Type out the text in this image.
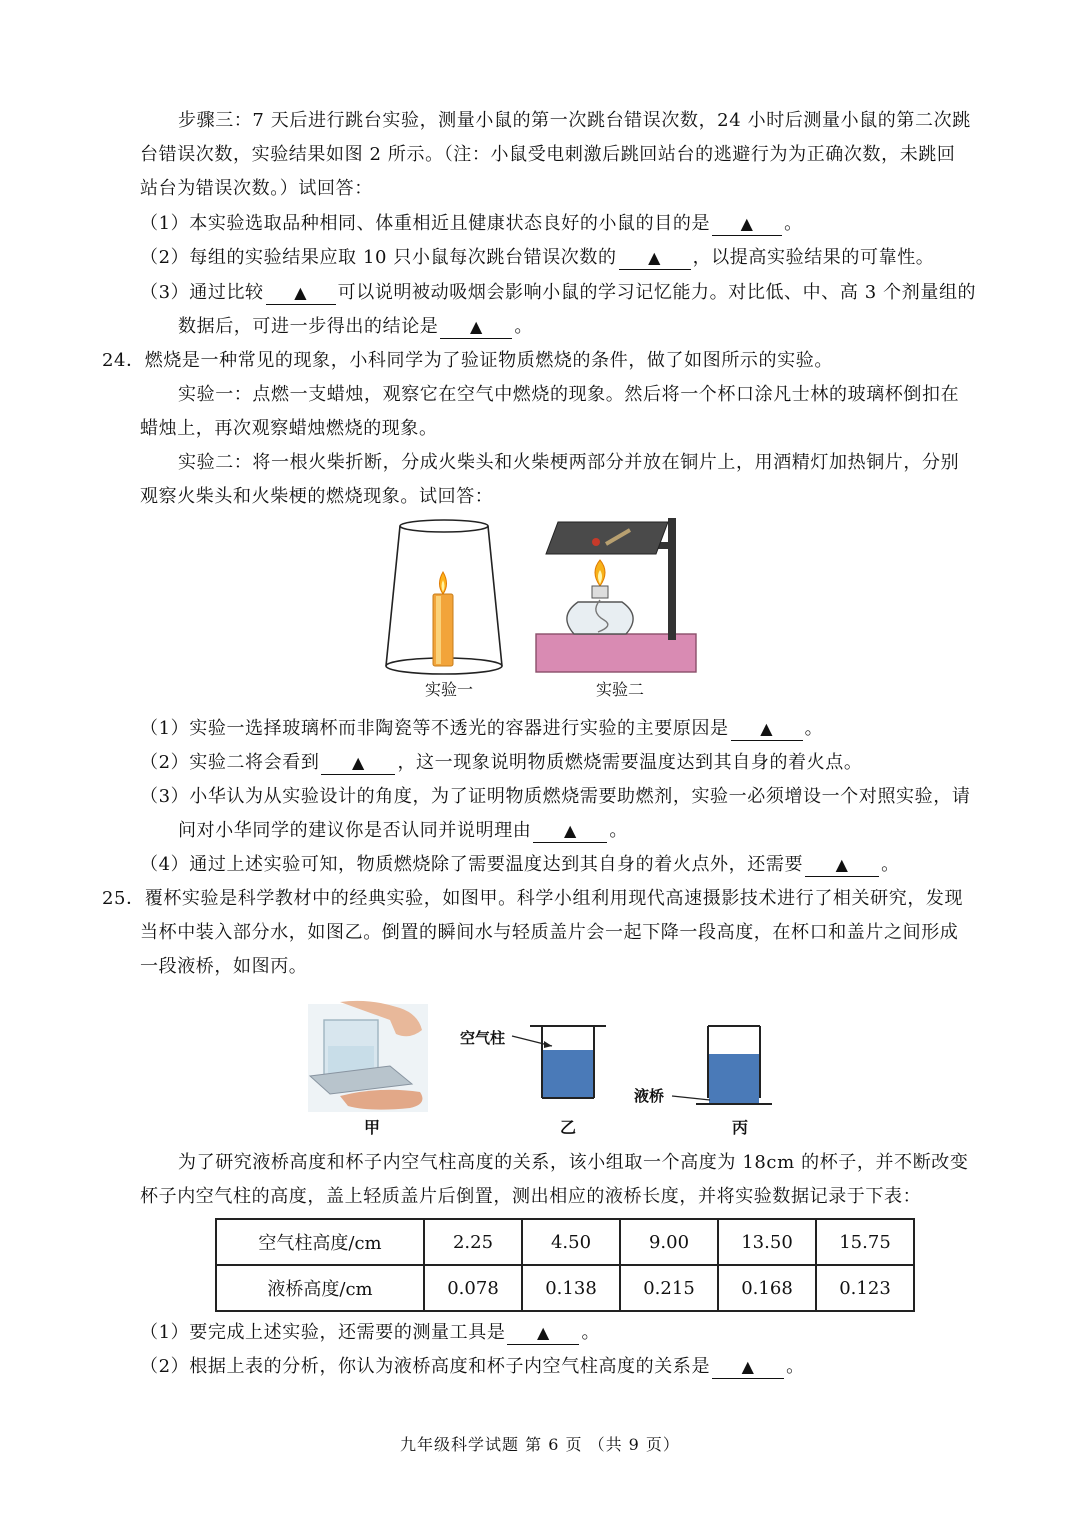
步骤三：7 天后进行跳台实验，测量小鼠的第一次跳台错误次数，24 小时后测量小鼠的第二次跳
台错误次数，实验结果如图 2 所示。（注：小鼠受电刺激后跳回站台的逃避行为为正确次数，未跳回
站台为错误次数。）试回答：
（1）本实验选取品种相同、体重相近且健康状态良好的小鼠的目的是 ▲ 。
（2）每组的实验结果应取 10 只小鼠每次跳台错误次数的 ▲ ，以提高实验结果的可靠性。
（3）通过比较 ▲ 可以说明被动吸烟会影响小鼠的学习记忆能力。对比低、中、高 3 个剂量组的
数据后，可进一步得出的结论是 ▲ 。
24．燃烧是一种常见的现象，小科同学为了验证物质燃烧的条件，做了如图所示的实验。
实验一：点燃一支蜡烛，观察它在空气中燃烧的现象。然后将一个杯口涂凡士林的玻璃杯倒扣在
蜡烛上，再次观察蜡烛燃烧的现象。
实验二：将一根火柴折断，分成火柴头和火柴梗两部分并放在铜片上，用酒精灯加热铜片，分别
观察火柴头和火柴梗的燃烧现象。试回答：
实验一	实验二
（1）实验一选择玻璃杯而非陶瓷等不透光的容器进行实验的主要原因是 ▲ 。
（2）实验二将会看到 ▲ ，这一现象说明物质燃烧需要温度达到其自身的着火点。
（3）小华认为从实验设计的角度，为了证明物质燃烧需要助燃剂，实验一必须增设一个对照实验，请
问对小华同学的建议你是否认同并说明理由 ▲ 。
（4）通过上述实验可知，物质燃烧除了需要温度达到其自身的着火点外，还需要 ▲ 。
25．覆杯实验是科学教材中的经典实验，如图甲。科学小组利用现代高速摄影技术进行了相关研究，发现
当杯中装入部分水，如图乙。倒置的瞬间水与轻质盖片会一起下降一段高度，在杯口和盖片之间形成
一段液桥，如图丙。
空气柱
液桥
甲	乙	丙
为了研究液桥高度和杯子内空气柱高度的关系，该小组取一个高度为 18cm 的杯子，并不断改变
杯子内空气柱的高度，盖上轻质盖片后倒置，测出相应的液桥长度，并将实验数据记录于下表：
空气柱高度/cm	2.25	4.50	9.00	13.50	15.75
液桥高度/cm	0.078	0.138	0.215	0.168	0.123
（1）要完成上述实验，还需要的测量工具是 ▲ 。
（2）根据上表的分析，你认为液桥高度和杯子内空气柱高度的关系是 ▲ 。
九年级科学试题 第 6 页 （共 9 页）
